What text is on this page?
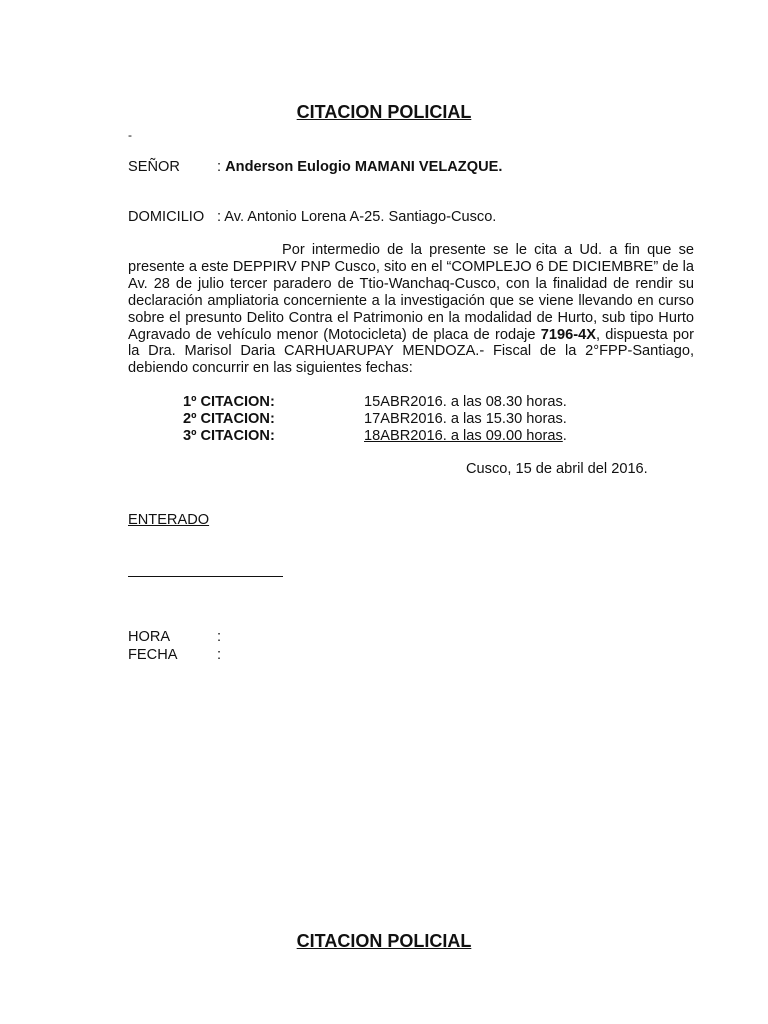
CITACION POLICIAL
-
SEÑOR	: Anderson Eulogio MAMANI VELAZQUE.
DOMICILIO : Av. Antonio Lorena A-25. Santiago-Cusco.
Por intermedio de la presente se le cita a Ud. a fin que se presente a este DEPPIRV PNP Cusco, sito en el “COMPLEJO 6 DE DICIEMBRE” de la Av. 28 de julio tercer paradero de Ttio-Wanchaq-Cusco, con la finalidad de rendir su declaración ampliatoria concerniente a la investigación que se viene llevando en curso sobre el presunto Delito Contra el Patrimonio en la modalidad de Hurto, sub tipo Hurto Agravado de vehículo menor (Motocicleta) de placa de rodaje 7196-4X, dispuesta por la Dra. Marisol Daria CARHUARUPAY MENDOZA.- Fiscal de la 2°FPP-Santiago, debiendo concurrir en las siguientes fechas:
1º CITACION:	15ABR2016. a las 08.30 horas.
2º CITACION:	17ABR2016. a las 15.30 horas.
3º CITACION:	18ABR2016. a las 09.00 horas.
Cusco, 15 de abril del 2016.
ENTERADO
HORA	:
FECHA	:
CITACION POLICIAL
